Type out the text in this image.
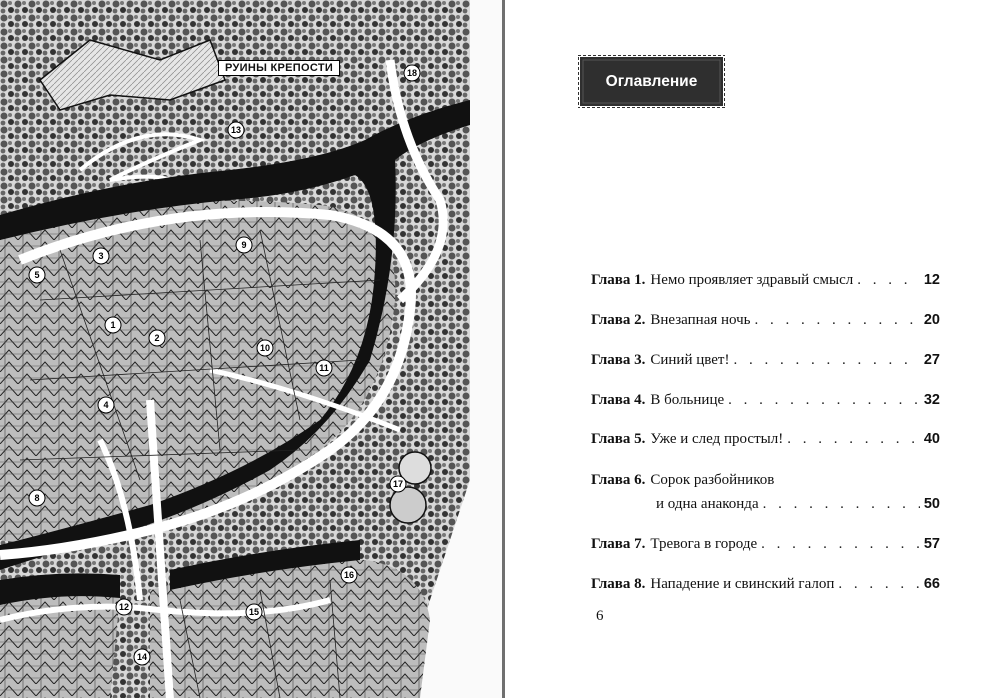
18
13
9
3
5
1
2
10
11
4
17
8
16
15
12
14
РУИНЫ КРЕПОСТИ
Оглавление
Глава 1. Немо проявляет здравый смысл . . .	12
Глава 2. Внезапная ночь . . .	20
Глава 3. Синий цвет! . . .	27
Глава 4. В больнице . . .	32
Глава 5. Уже и след простыл! . . .	40
Глава 6. Сорок разбойников
и одна анаконда . . .	50
Глава 7. Тревога в городе . . .	57
Глава 8. Нападение и свинский галоп . . .	66
6
